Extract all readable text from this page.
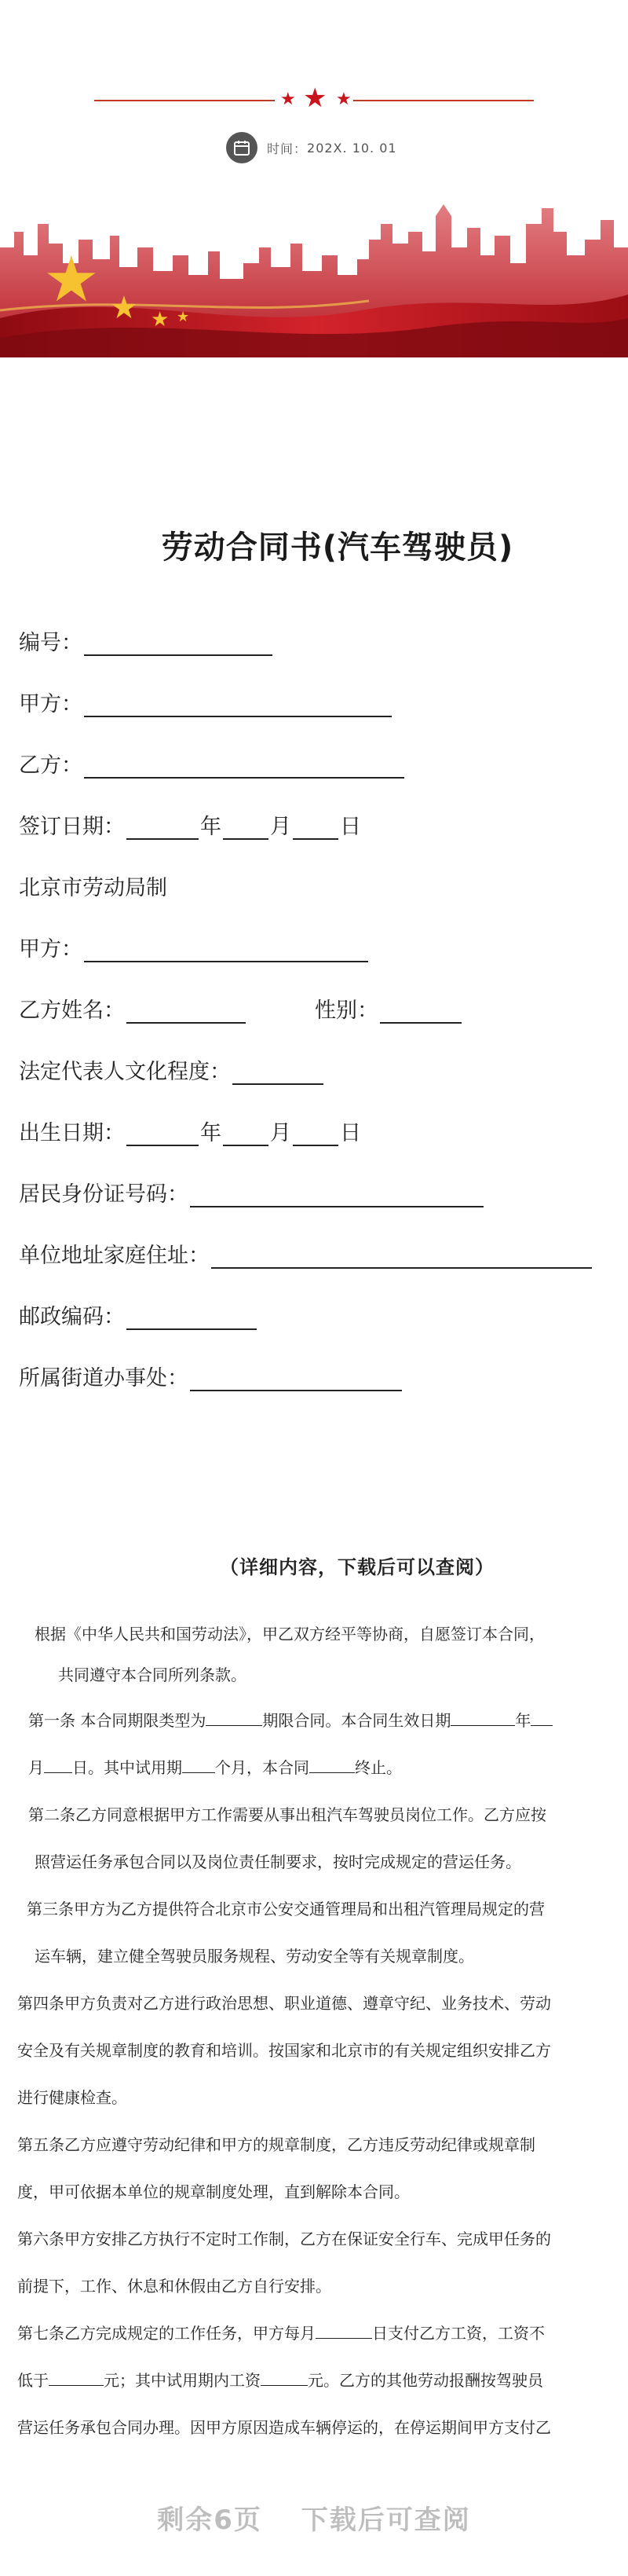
★ ★ ★
时间： 202X. 10. 01
★ ★ ★ ★
劳动合同书(汽车驾驶员)
编号：
甲方：
乙方：
签订日期：	年 月 日
北京市劳动局制
甲方：
乙方姓名：	性别：
法定代表人文化程度：
出生日期：	年 月 日
居民身份证号码：
单位地址家庭住址：
邮政编码：
所属街道办事处：
（详细内容，下载后可以查阅）
根据《中华人民共和国劳动法》，甲乙双方经平等协商，自愿签订本合同，
共同遵守本合同所列条款。
第一条 本合同期限类型为	期限合同。本合同生效日期	年
月 日。其中试用期 个月，本合同	终止。
第二条乙方同意根据甲方工作需要从事出租汽车驾驶员岗位工作。乙方应按
照营运任务承包合同以及岗位责任制要求，按时完成规定的营运任务。
第三条甲方为乙方提供符合北京市公安交通管理局和出租汽管理局规定的营
运车辆，建立健全驾驶员服务规程、劳动安全等有关规章制度。
第四条甲方负责对乙方进行政治思想、职业道德、遵章守纪、业务技术、劳动
安全及有关规章制度的教育和培训。按国家和北京市的有关规定组织安排乙方
进行健康检查。
第五条乙方应遵守劳动纪律和甲方的规章制度，乙方违反劳动纪律或规章制
度，甲可依据本单位的规章制度处理，直到解除本合同。
第六条甲方安排乙方执行不定时工作制，乙方在保证安全行车、完成甲任务的
前提下，工作、休息和休假由乙方自行安排。
第七条乙方完成规定的工作任务，甲方每月	日支付乙方工资，工资不
低于	元；其中试用期内工资	元。乙方的其他劳动报酬按驾驶员
营运任务承包合同办理。因甲方原因造成车辆停运的，在停运期间甲方支付乙
剩余6页 下载后可查阅
